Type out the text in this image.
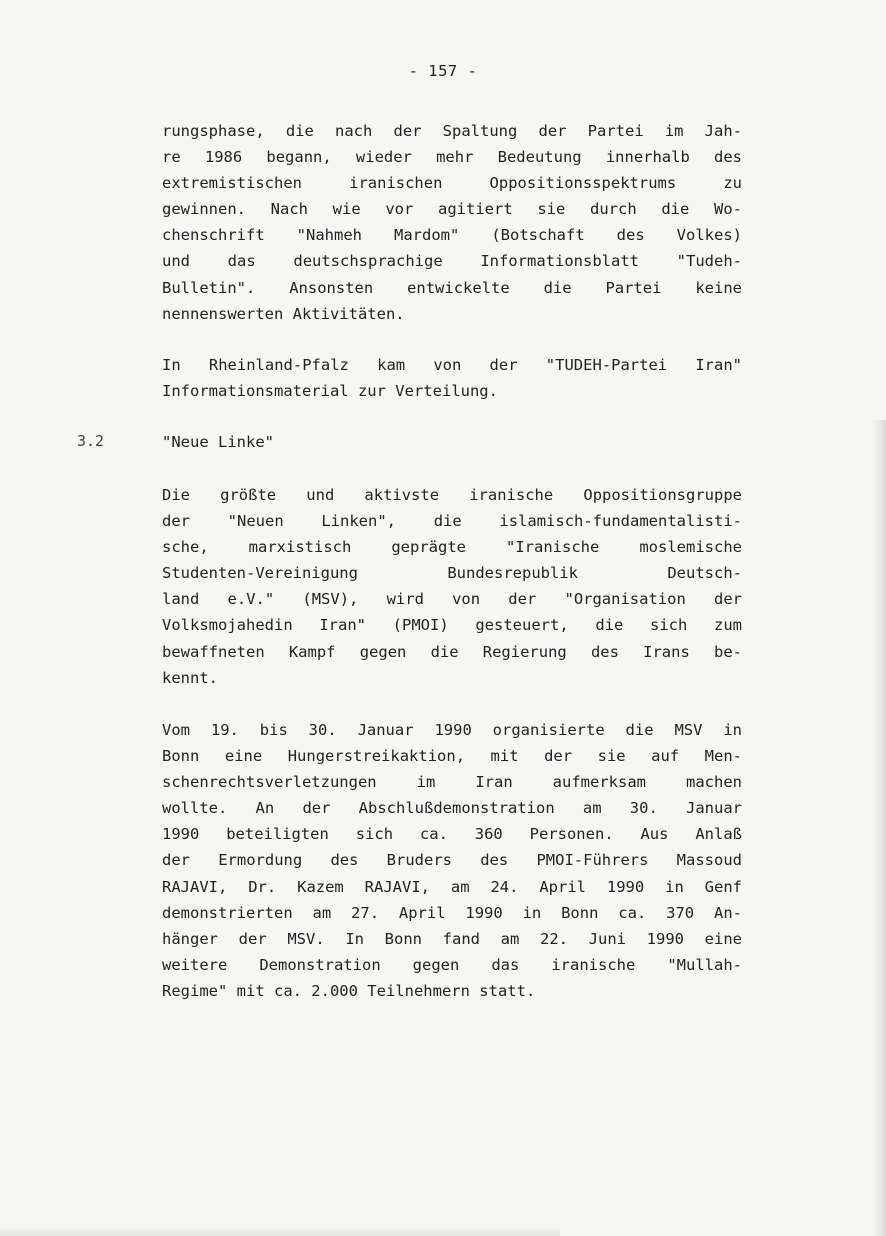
- 157 -
rungsphase, die nach der Spaltung der Partei im Jah-
re 1986 begann, wieder mehr Bedeutung innerhalb des
extremistischen iranischen Oppositionsspektrums zu
gewinnen. Nach wie vor agitiert sie durch die Wo-
chenschrift "Nahmeh Mardom" (Botschaft des Volkes)
und das deutschsprachige Informationsblatt "Tudeh-
Bulletin". Ansonsten entwickelte die Partei keine
nennenswerten Aktivitäten.
In Rheinland-Pfalz kam von der "TUDEH-Partei Iran"
Informationsmaterial zur Verteilung.
3.2	"Neue Linke"
Die größte und aktivste iranische Oppositionsgruppe
der "Neuen Linken", die islamisch-fundamentalisti-
sche, marxistisch geprägte "Iranische moslemische
Studenten-Vereinigung Bundesrepublik Deutsch-
land e.V." (MSV), wird von der "Organisation der
Volksmojahedin Iran" (PMOI) gesteuert, die sich zum
bewaffneten Kampf gegen die Regierung des Irans be-
kennt.
Vom 19. bis 30. Januar 1990 organisierte die MSV in
Bonn eine Hungerstreikaktion, mit der sie auf Men-
schenrechtsverletzungen im Iran aufmerksam machen
wollte. An der Abschlußdemonstration am 30. Januar
1990 beteiligten sich ca. 360 Personen. Aus Anlaß
der Ermordung des Bruders des PMOI-Führers Massoud
RAJAVI, Dr. Kazem RAJAVI, am 24. April 1990 in Genf
demonstrierten am 27. April 1990 in Bonn ca. 370 An-
hänger der MSV. In Bonn fand am 22. Juni 1990 eine
weitere Demonstration gegen das iranische "Mullah-
Regime" mit ca. 2.000 Teilnehmern statt.
